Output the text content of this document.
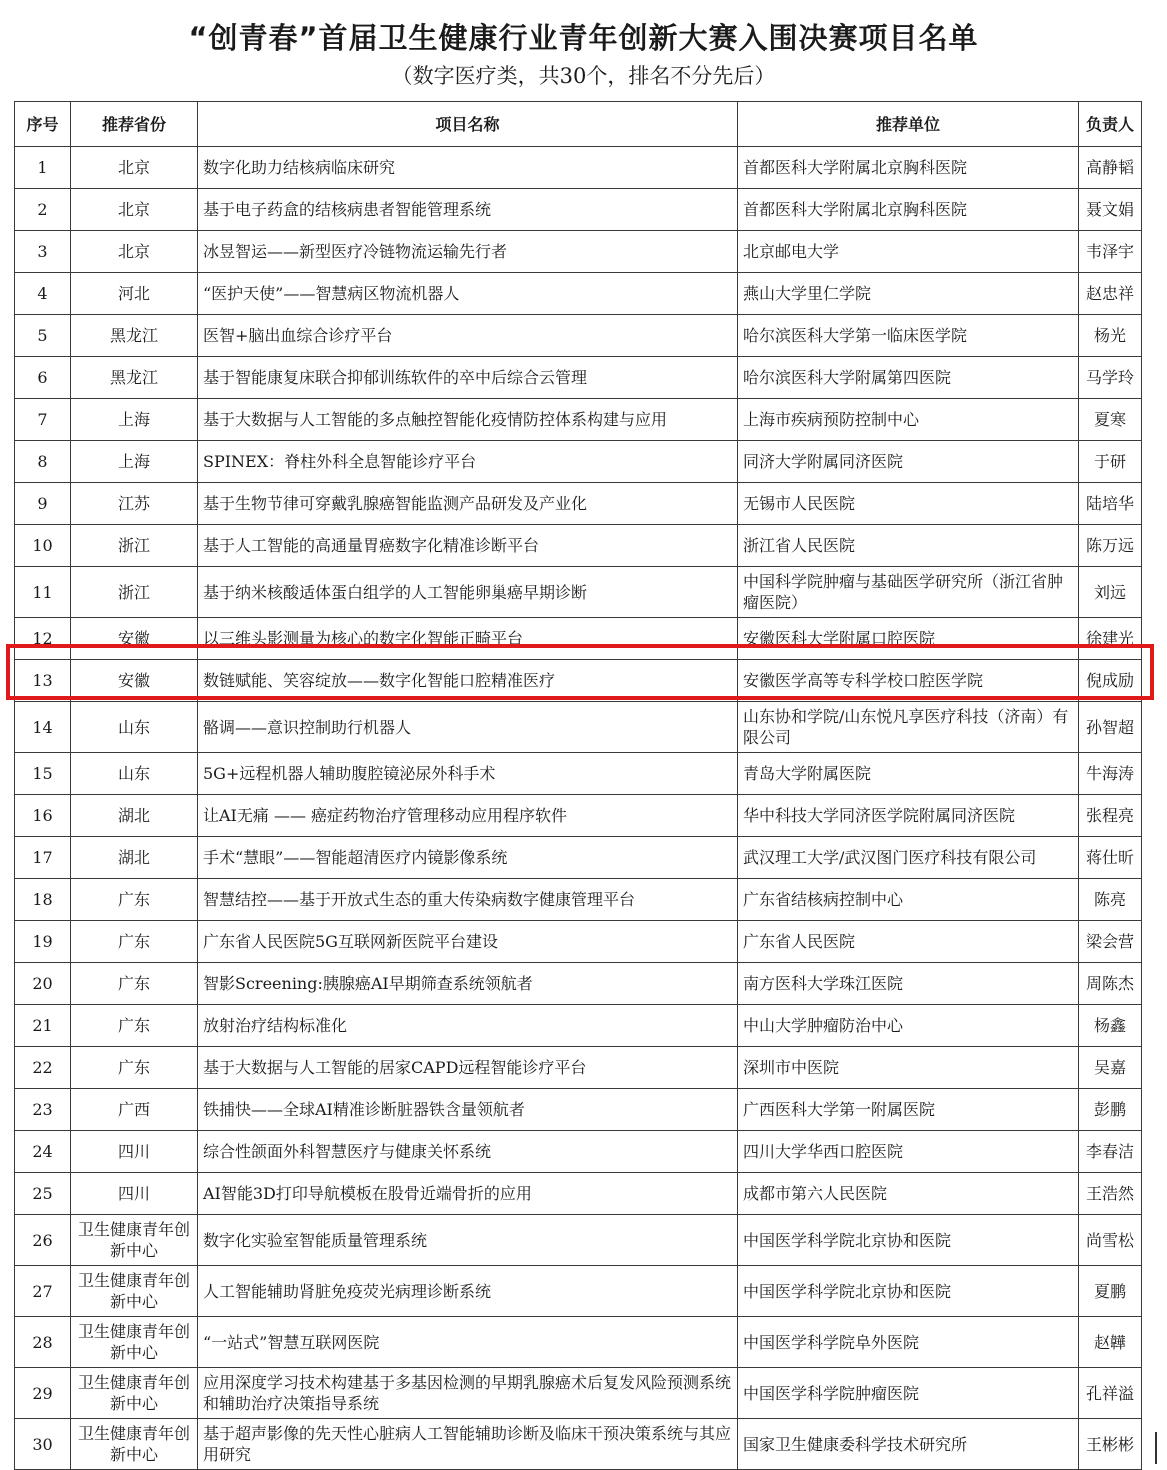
“创青春”首届卫生健康行业青年创新大赛入围决赛项目名单
（数字医疗类，共30个，排名不分先后）
序号	推荐省份	项目名称	推荐单位	负责人
1	北京	数字化助力结核病临床研究	首都医科大学附属北京胸科医院	高静韬
2	北京	基于电子药盒的结核病患者智能管理系统	首都医科大学附属北京胸科医院	聂文娟
3	北京	冰昱智运——新型医疗冷链物流运输先行者	北京邮电大学	韦泽宇
4	河北	“医护天使”——智慧病区物流机器人	燕山大学里仁学院	赵忠祥
5	黑龙江	医智+脑出血综合诊疗平台	哈尔滨医科大学第一临床医学院	杨光
6	黑龙江	基于智能康复床联合抑郁训练软件的卒中后综合云管理	哈尔滨医科大学附属第四医院	马学玲
7	上海	基于大数据与人工智能的多点触控智能化疫情防控体系构建与应用	上海市疾病预防控制中心	夏寒
8	上海	SPINEX：脊柱外科全息智能诊疗平台	同济大学附属同济医院	于研
9	江苏	基于生物节律可穿戴乳腺癌智能监测产品研发及产业化	无锡市人民医院	陆培华
10	浙江	基于人工智能的高通量胃癌数字化精准诊断平台	浙江省人民医院	陈万远
11	浙江	基于纳米核酸适体蛋白组学的人工智能卵巢癌早期诊断	中国科学院肿瘤与基础医学研究所（浙江省肿瘤医院）	刘远
12	安徽	以三维头影测量为核心的数字化智能正畸平台	安徽医科大学附属口腔医院	徐建光
13	安徽	数链赋能、笑容绽放——数字化智能口腔精准医疗	安徽医学高等专科学校口腔医学院	倪成励
14	山东	骼调——意识控制助行机器人	山东协和学院/山东悦凡享医疗科技（济南）有限公司	孙智超
15	山东	5G+远程机器人辅助腹腔镜泌尿外科手术	青岛大学附属医院	牛海涛
16	湖北	让AI无痛 —— 癌症药物治疗管理移动应用程序软件	华中科技大学同济医学院附属同济医院	张程亮
17	湖北	手术“慧眼”——智能超清医疗内镜影像系统	武汉理工大学/武汉图门医疗科技有限公司	蒋仕昕
18	广东	智慧结控——基于开放式生态的重大传染病数字健康管理平台	广东省结核病控制中心	陈亮
19	广东	广东省人民医院5G互联网新医院平台建设	广东省人民医院	梁会营
20	广东	智影Screening:胰腺癌AI早期筛查系统领航者	南方医科大学珠江医院	周陈杰
21	广东	放射治疗结构标准化	中山大学肿瘤防治中心	杨鑫
22	广东	基于大数据与人工智能的居家CAPD远程智能诊疗平台	深圳市中医院	吴嘉
23	广西	铁捕快——全球AI精准诊断脏器铁含量领航者	广西医科大学第一附属医院	彭鹏
24	四川	综合性颌面外科智慧医疗与健康关怀系统	四川大学华西口腔医院	李春洁
25	四川	AI智能3D打印导航模板在股骨近端骨折的应用	成都市第六人民医院	王浩然
26	卫生健康青年创新中心	数字化实验室智能质量管理系统	中国医学科学院北京协和医院	尚雪松
27	卫生健康青年创新中心	人工智能辅助肾脏免疫荧光病理诊断系统	中国医学科学院北京协和医院	夏鹏
28	卫生健康青年创新中心	“一站式”智慧互联网医院	中国医学科学院阜外医院	赵韡
29	卫生健康青年创新中心	应用深度学习技术构建基于多基因检测的早期乳腺癌术后复发风险预测系统和辅助治疗决策指导系统	中国医学科学院肿瘤医院	孔祥溢
30	卫生健康青年创新中心	基于超声影像的先天性心脏病人工智能辅助诊断及临床干预决策系统与其应用研究	国家卫生健康委科学技术研究所	王彬彬
